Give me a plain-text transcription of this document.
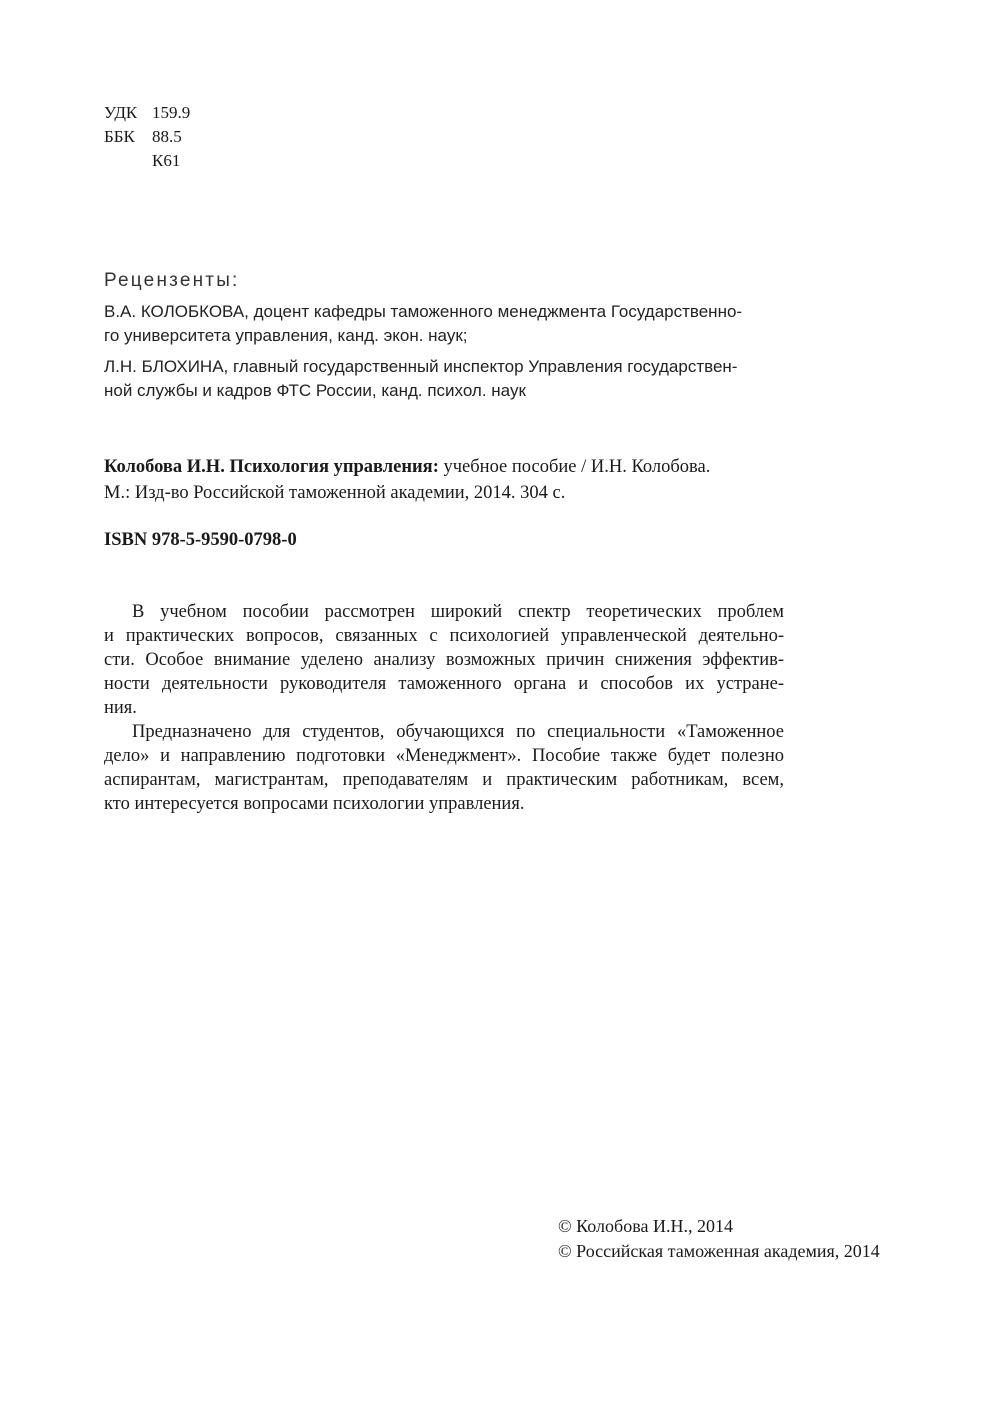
УДК 159.9
ББК	88.5
К61
Рецензенты:
В.А. КОЛОБКОВА, доцент кафедры таможенного менеджмента Государственно-
го университета управления, канд. экон. наук;
Л.Н. БЛОХИНА, главный государственный инспектор Управления государствен-
ной службы и кадров ФТС России, канд. психол. наук
Колобова И.Н. Психология управления: учебное пособие / И.Н. Колобова.
М.: Изд-во Российской таможенной академии, 2014. 304 с.
ISBN 978-5-9590-0798-0
В учебном пособии рассмотрен широкий спектр теоретических проблем
и практических вопросов, связанных с психологией управленческой деятельно-
сти. Особое внимание уделено анализу возможных причин снижения эффектив-
ности деятельности руководителя таможенного органа и способов их устране-
ния.
Предназначено для студентов, обучающихся по специальности «Таможенное
дело» и направлению подготовки «Менеджмент». Пособие также будет полезно
аспирантам, магистрантам, преподавателям и практическим работникам, всем,
кто интересуется вопросами психологии управления.
© Колобова И.Н., 2014
© Российская таможенная академия, 2014
